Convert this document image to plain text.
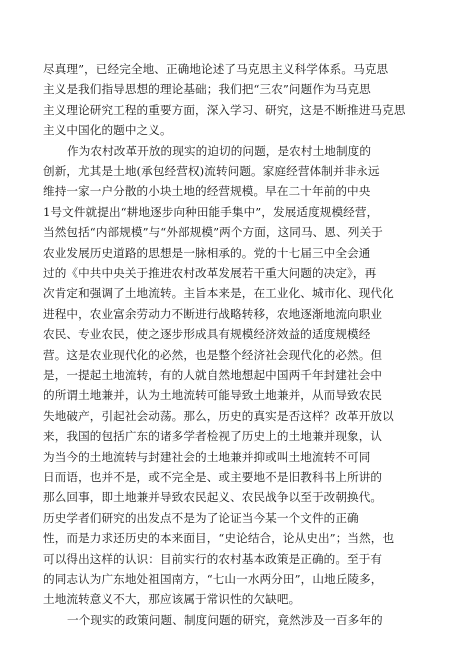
尽真理”，已经完全地、正确地论述了马克思主义科学体系。马克思
主义是我们指导思想的理论基础；我们把“三农”问题作为马克思
主义理论研究工程的重要方面，深入学习、研究，这是不断推进马克思
主义中国化的题中之义。
作为农村改革开放的现实的迫切的问题，是农村土地制度的
创新，尤其是土地(承包经营权)流转问题。家庭经营体制并非永远
维持一家一户分散的小块土地的经营规模。早在二十年前的中央
1号文件就提出“耕地逐步向种田能手集中”，发展适度规模经营，
当然包括“内部规模”与“外部规模”两个方面，这同马、恩、列关于
农业发展历史道路的思想是一脉相承的。党的十七届三中全会通
过的《中共中央关于推进农村改革发展若干重大问题的决定》，再
次肯定和强调了土地流转。主旨本来是，在工业化、城市化、现代化
进程中，农业富余劳动力不断进行战略转移，农地逐渐地流向职业
农民、专业农民，使之逐步形成具有规模经济效益的适度规模经
营。这是农业现代化的必然，也是整个经济社会现代化的必然。但
是，一提起土地流转，有的人就自然地想起中国两千年封建社会中
的所谓土地兼并，认为土地流转可能导致土地兼并，从而导致农民
失地破产，引起社会动荡。那么，历史的真实是否这样？改革开放以
来，我国的包括广东的诸多学者检视了历史上的土地兼并现象，认
为当今的土地流转与封建社会的土地兼并抑或叫土地流转不可同
日而语，也并不是，或不完全是、或主要地不是旧教科书上所讲的
那么回事，即土地兼并导致农民起义、农民战争以至于改朝换代。
历史学者们研究的出发点不是为了论证当今某一个文件的正确
性，而是力求还历史的本来面目，“史论结合，论从史出”；当然，也
可以得出这样的认识：目前实行的农村基本政策是正确的。至于有
的同志认为广东地处祖国南方，“七山一水两分田”，山地丘陵多，
土地流转意义不大，那应该属于常识性的欠缺吧。
一个现实的政策问题、制度问题的研究，竟然涉及一百多年的
